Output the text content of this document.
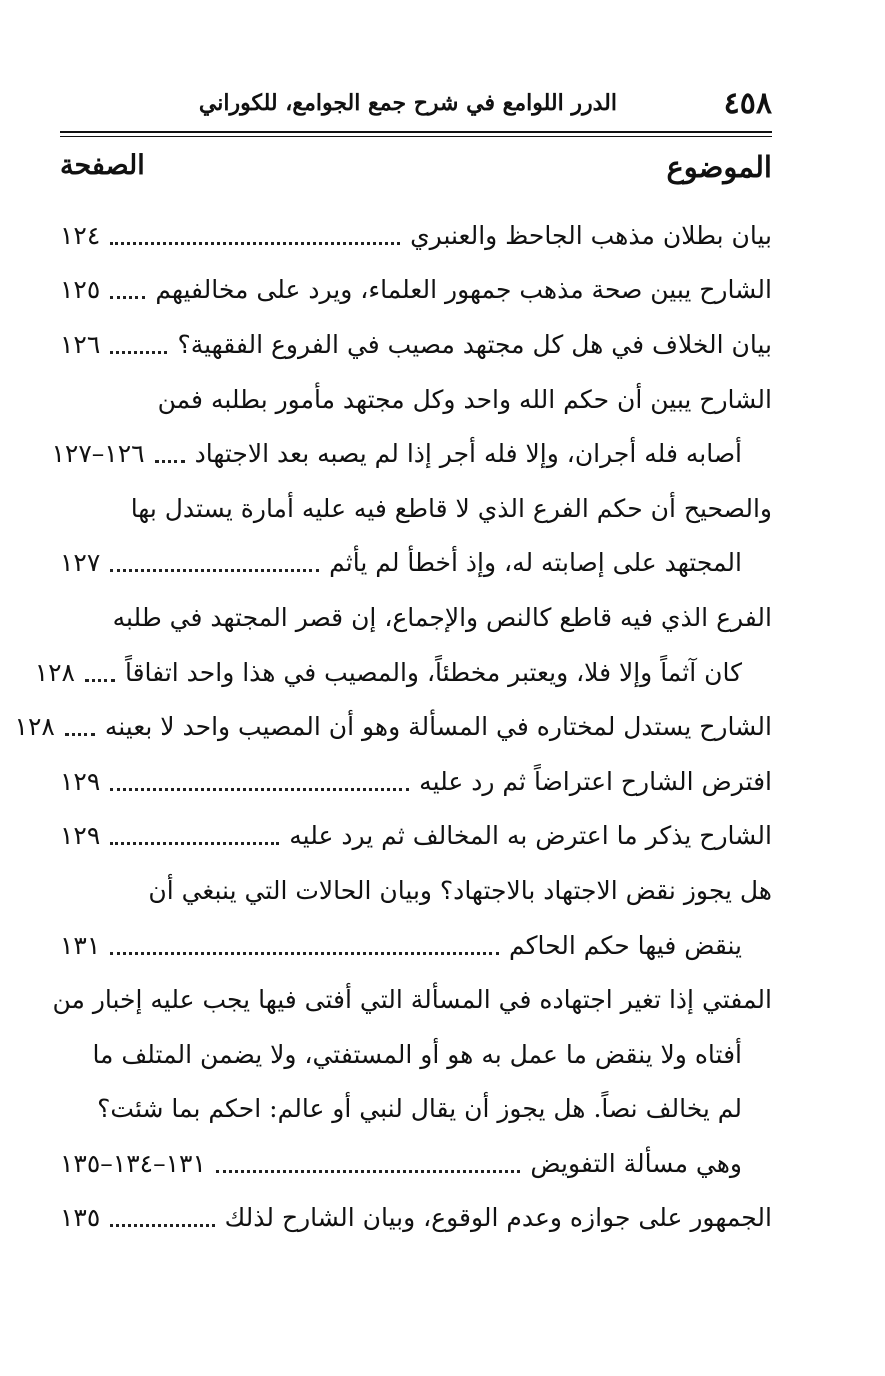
٤٥٨
الدرر اللوامع في شرح جمع الجوامع، للكوراني
الموضوع
الصفحة
بيان بطلان مذهب الجاحظ والعنبري
١٢٤
الشارح يبين صحة مذهب جمهور العلماء، ويرد على مخالفيهم
١٢٥
بيان الخلاف في هل كل مجتهد مصيب في الفروع الفقهية؟
١٢٦
الشارح يبين أن حكم الله واحد وكل مجتهد مأمور بطلبه فمن
أصابه فله أجران، وإلا فله أجر إذا لم يصبه بعد الاجتهاد
١٢٦–١٢٧
والصحيح أن حكم الفرع الذي لا قاطع فيه عليه أمارة يستدل بها
المجتهد على إصابته له، وإذ أخطأ لم يأثم
١٢٧
الفرع الذي فيه قاطع كالنص والإجماع، إن قصر المجتهد في طلبه
كان آثماً وإلا فلا، ويعتبر مخطئاً، والمصيب في هذا واحد اتفاقاً
١٢٨
الشارح يستدل لمختاره في المسألة وهو أن المصيب واحد لا بعينه
١٢٨
افترض الشارح اعتراضاً ثم رد عليه
١٢٩
الشارح يذكر ما اعترض به المخالف ثم يرد عليه
١٢٩
هل يجوز نقض الاجتهاد بالاجتهاد؟ وبيان الحالات التي ينبغي أن
ينقض فيها حكم الحاكم
١٣١
المفتي إذا تغير اجتهاده في المسألة التي أفتى فيها يجب عليه إخبار من
أفتاه ولا ينقض ما عمل به هو أو المستفتي، ولا يضمن المتلف ما
لم يخالف نصاً. هل يجوز أن يقال لنبي أو عالم: احكم بما شئت؟
وهي مسألة التفويض
١٣١–١٣٤–١٣٥
الجمهور على جوازه وعدم الوقوع، وبيان الشارح لذلك
١٣٥
